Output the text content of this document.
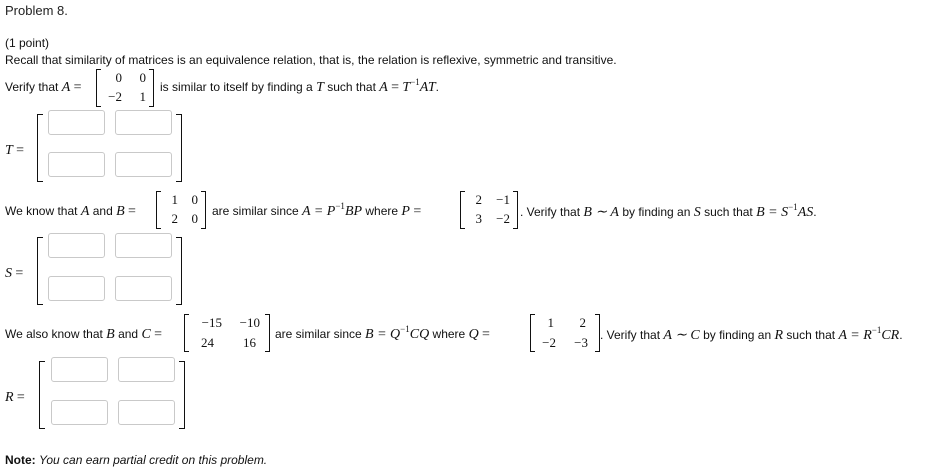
Problem 8.
(1 point)
Recall that similarity of matrices is an equivalence relation, that is, the relation is reflexive, symmetric and transitive.
Verify that A =
0	0
−2	1
is similar to itself by finding a T such that $A = T^{-1}AT$.
T =
We know that A and B =
1	0
2	0 are similar since $A = P^{-1}BP$ where P =
2	−1
3	−2 . Verify that B ∼ A by finding an S such that $B = S^{-1}AS$.
S =
We also know that B and C =
−15	−10
24	16
are similar since $B = Q^{-1}CQ$ where Q =
1	2
−2	−3 . Verify that A ∼ C by finding an R such that $A = R^{-1}CR$.
R =
Note: You can earn partial credit on this problem.
